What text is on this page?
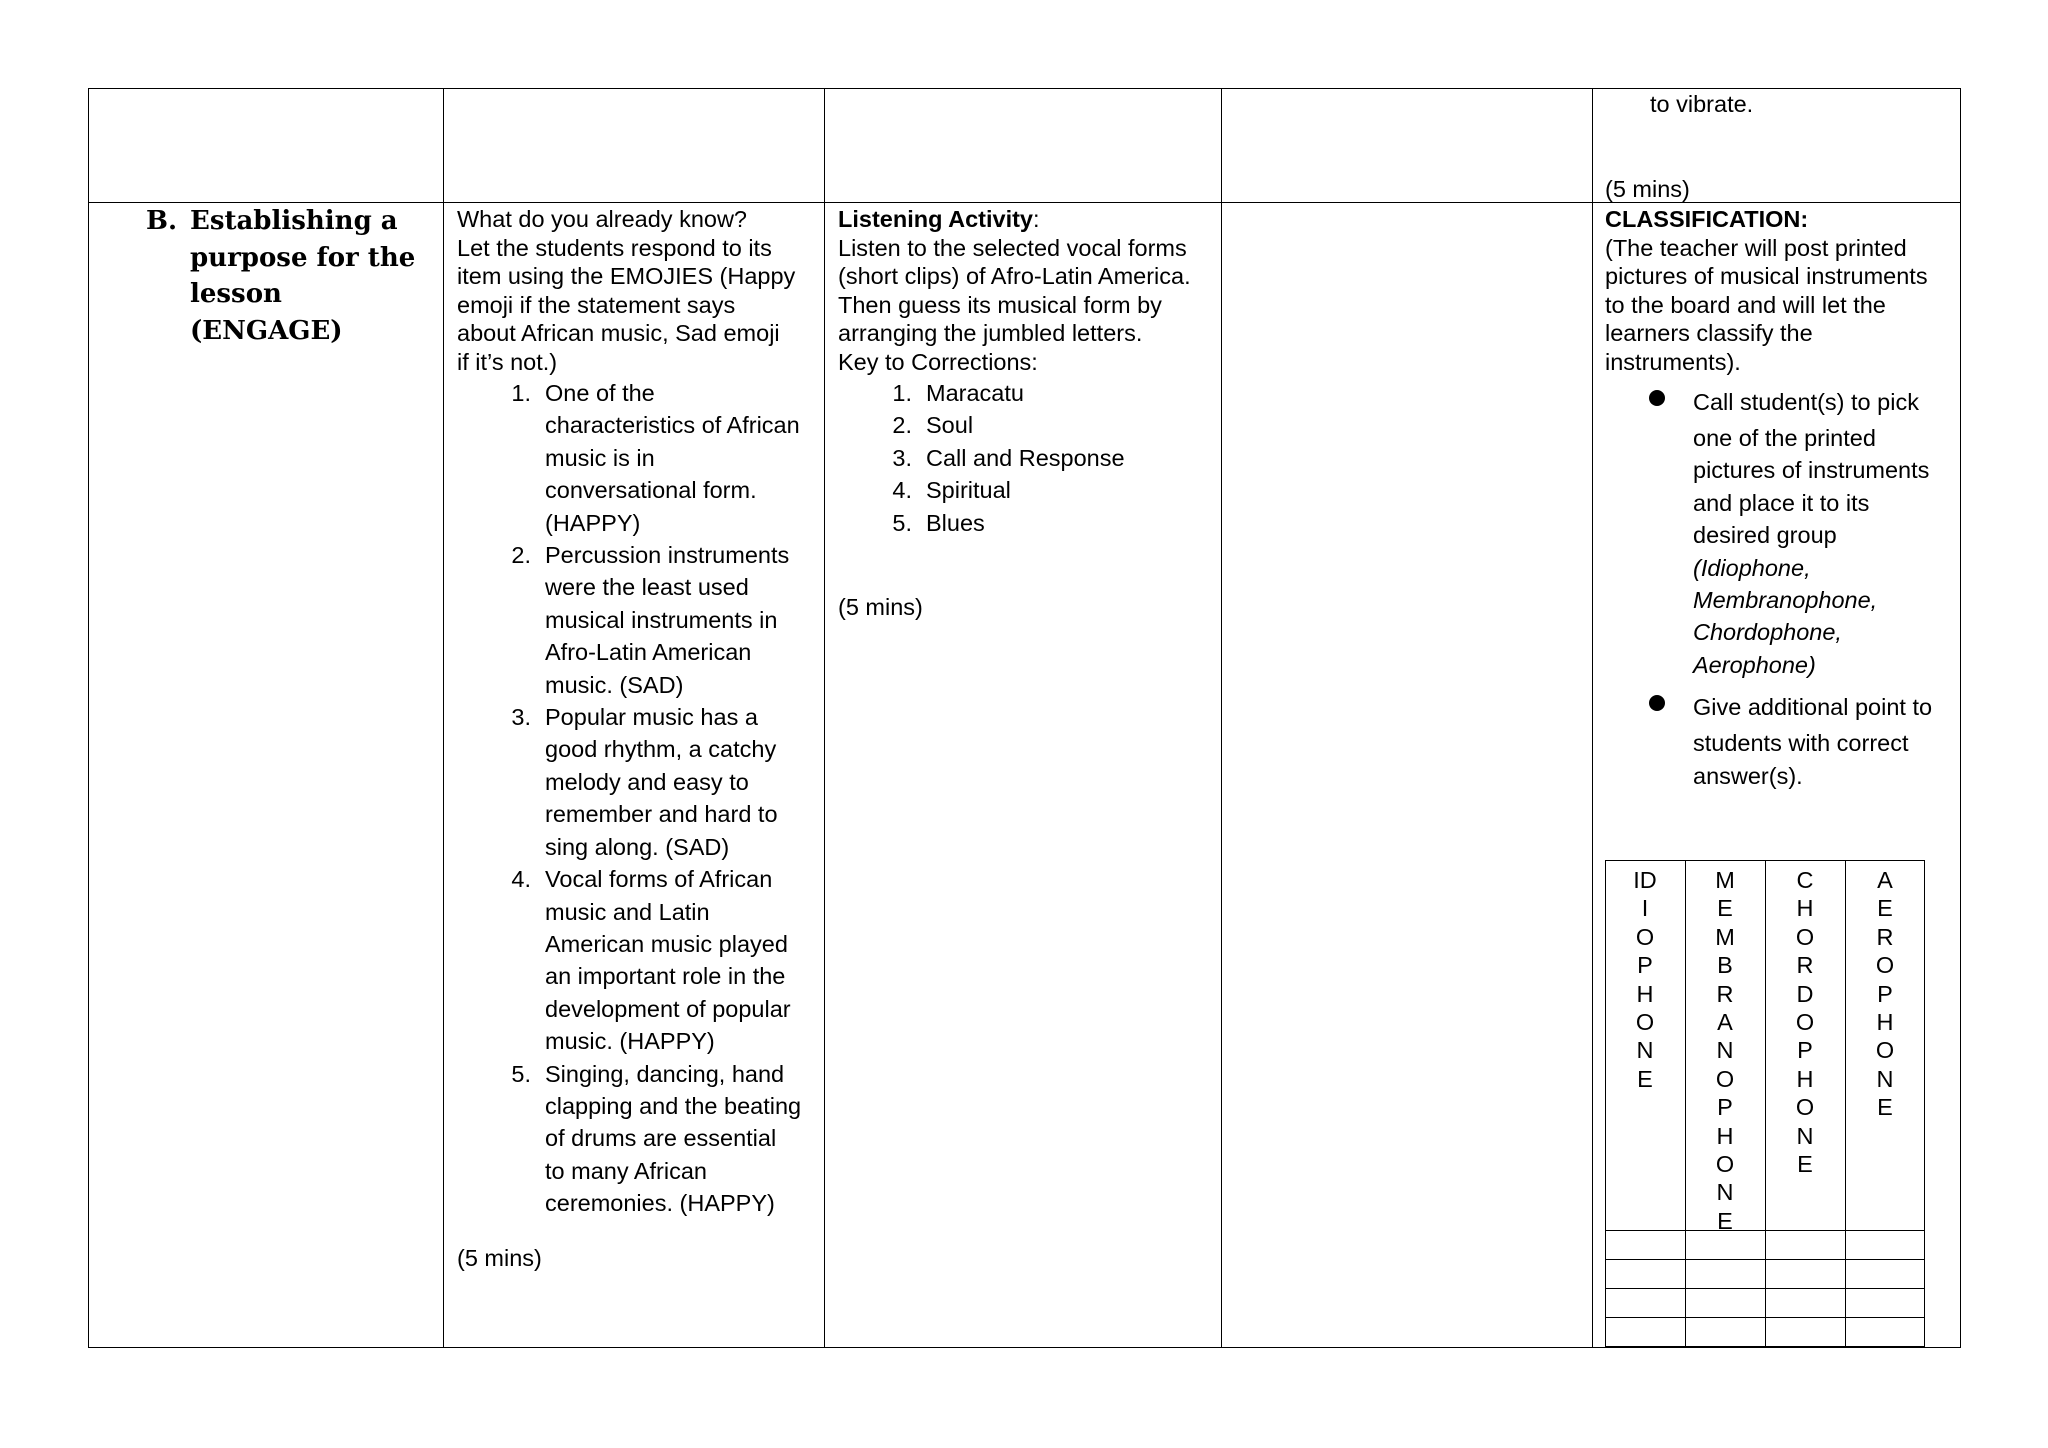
to vibrate.
(5 mins)
B. Establishing a
purpose for the
lesson
(ENGAGE)
What do you already know?
Let the students respond to its
item using the EMOJIES (Happy
emoji if the statement says
about African music, Sad emoji
if it’s not.)
1. One of the
characteristics of African
music is in
conversational form.
(HAPPY)
2. Percussion instruments
were the least used
musical instruments in
Afro-Latin American
music. (SAD)
3. Popular music has a
good rhythm, a catchy
melody and easy to
remember and hard to
sing along. (SAD)
4. Vocal forms of African
music and Latin
American music played
an important role in the
development of popular
music. (HAPPY)
5. Singing, dancing, hand
clapping and the beating
of drums are essential
to many African
ceremonies. (HAPPY)
(5 mins)
Listening Activity:
Listen to the selected vocal forms
(short clips) of Afro-Latin America.
Then guess its musical form by
arranging the jumbled letters.
Key to Corrections:
1. Maracatu
2. Soul
3. Call and Response
4. Spiritual
5. Blues
(5 mins)
CLASSIFICATION:
(The teacher will post printed
pictures of musical instruments
to the board and will let the
learners classify the
instruments).
Call student(s) to pick
one of the printed
pictures of instruments
and place it to its
desired group
(Idiophone,
Membranophone,
Chordophone,
Aerophone)
Give additional point to
students with correct
answer(s).
ID
I
O
P
H
O
N
E
M
E
M
B
R
A
N
O
P
H
O
N
E
C
H
O
R
D
O
P
H
O
N
E
A
E
R
O
P
H
O
N
E
